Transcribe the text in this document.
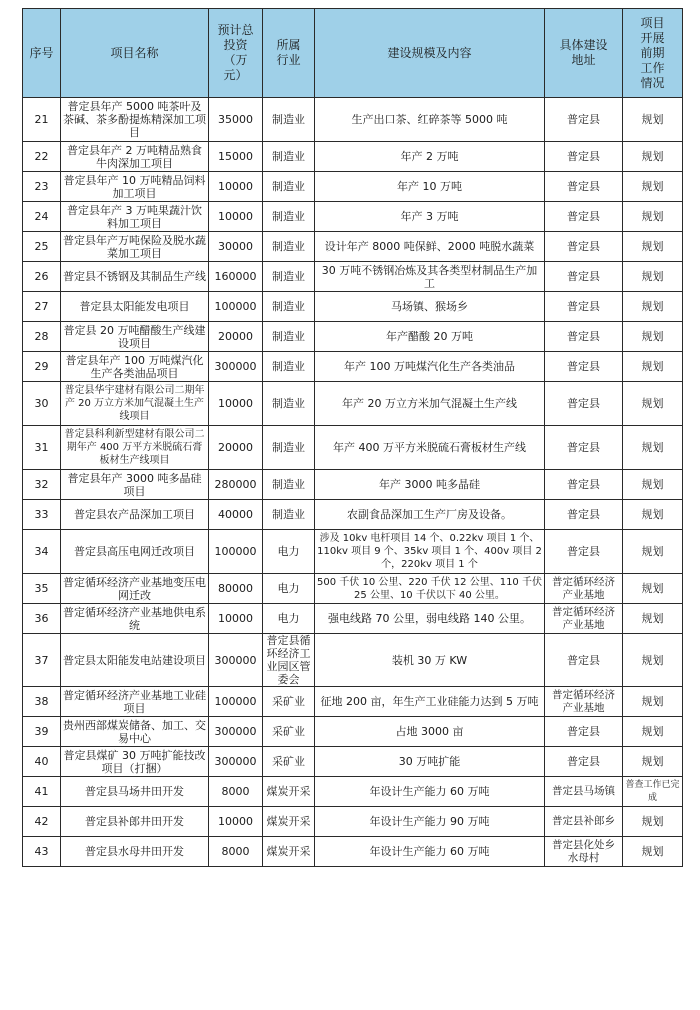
序号	项目名称	预计总投资（万元）	所属行业	建设规模及内容	具体建设地址	项目开展前期工作情况
21	普定县年产 5000 吨茶叶及茶碱、茶多酚提炼精深加工项目	35000	制造业	生产出口茶、红碎茶等 5000 吨	普定县	规划
22	普定县年产 2 万吨精品熟食牛肉深加工项目	15000	制造业	年产 2 万吨	普定县	规划
23	普定县年产 10 万吨精品饲料加工项目	10000	制造业	年产 10 万吨	普定县	规划
24	普定县年产 3 万吨果蔬汁饮料加工项目	10000	制造业	年产 3 万吨	普定县	规划
25	普定县年产万吨保险及脱水蔬菜加工项目	30000	制造业	设计年产 8000 吨保鲜、2000 吨脱水蔬菜	普定县	规划
26	普定县不锈钢及其制品生产线	160000	制造业	30 万吨不锈钢冶炼及其各类型材制品生产加工	普定县	规划
27	普定县太阳能发电项目	100000	制造业	马场镇、猴场乡	普定县	规划
28	普定县 20 万吨醋酸生产线建设项目	20000	制造业	年产醋酸 20 万吨	普定县	规划
29	普定县年产 100 万吨煤汽化生产各类油品项目	300000	制造业	年产 100 万吨煤汽化生产各类油品	普定县	规划
30	普定县华宇建材有限公司二期年产 20 万立方米加气混凝土生产线项目	10000	制造业	年产 20 万立方米加气混凝土生产线	普定县	规划
31	普定县科利新型建材有限公司二期年产 400 万平方米脱硫石膏板材生产线项目	20000	制造业	年产 400 万平方米脱硫石膏板材生产线	普定县	规划
32	普定县年产 3000 吨多晶硅项目	280000	制造业	年产 3000 吨多晶硅	普定县	规划
33	普定县农产品深加工项目	40000	制造业	农副食品深加工生产厂房及设备。	普定县	规划
34	普定县高压电网迁改项目	100000	电力	涉及 10kv 电杆项目 14 个、0.22kv 项目 1 个、110kv 项目 9 个、35kv 项目 1 个、400v 项目 2 个，220kv 项目 1 个	普定县	规划
35	普定循环经济产业基地变压电网迁改	80000	电力	500 千伏 10 公里、220 千伏 12 公里、110 千伏 25 公里、10 千伏以下 40 公里。	普定循环经济产业基地	规划
36	普定循环经济产业基地供电系统	10000	电力	强电线路 70 公里，弱电线路 140 公里。	普定循环经济产业基地	规划
37	普定县太阳能发电站建设项目	300000	普定县循环经济工业园区管委会	装机 30 万 KW	普定县	规划
38	普定循环经济产业基地工业硅项目	100000	采矿业	征地 200 亩，年生产工业硅能力达到 5 万吨	普定循环经济产业基地	规划
39	贵州西部煤炭储备、加工、交易中心	300000	采矿业	占地 3000 亩	普定县	规划
40	普定县煤矿 30 万吨扩能技改项目（打捆）	300000	采矿业	30 万吨扩能	普定县	规划
41	普定县马场井田开发	8000	煤炭开采	年设计生产能力 60 万吨	普定县马场镇	普查工作已完成
42	普定县补郎井田开发	10000	煤炭开采	年设计生产能力 90 万吨	普定县补郎乡	规划
43	普定县水母井田开发	8000	煤炭开采	年设计生产能力 60 万吨	普定县化处乡水母村	规划
